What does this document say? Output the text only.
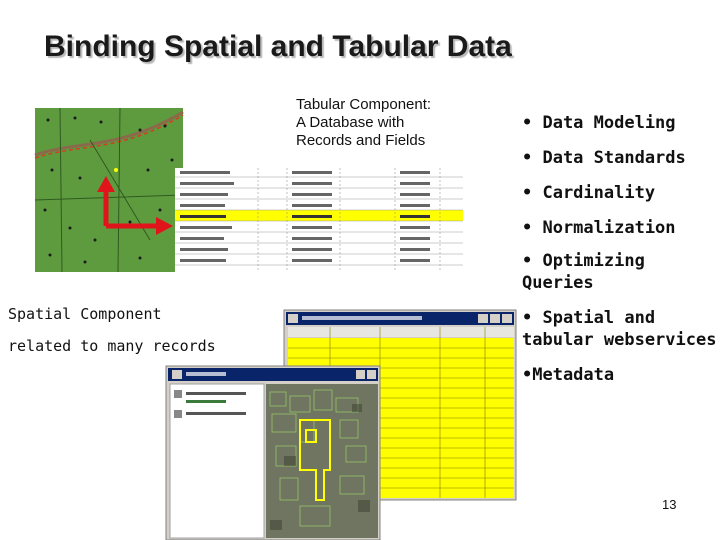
Binding Spatial and Tabular Data
Tabular Component:
A Database with
Records and Fields
• Data Modeling
• Data Standards
• Cardinality
• Normalization
• Optimizing Queries
• Spatial and tabular webservices
•Metadata
Spatial Component
related to many records
13
